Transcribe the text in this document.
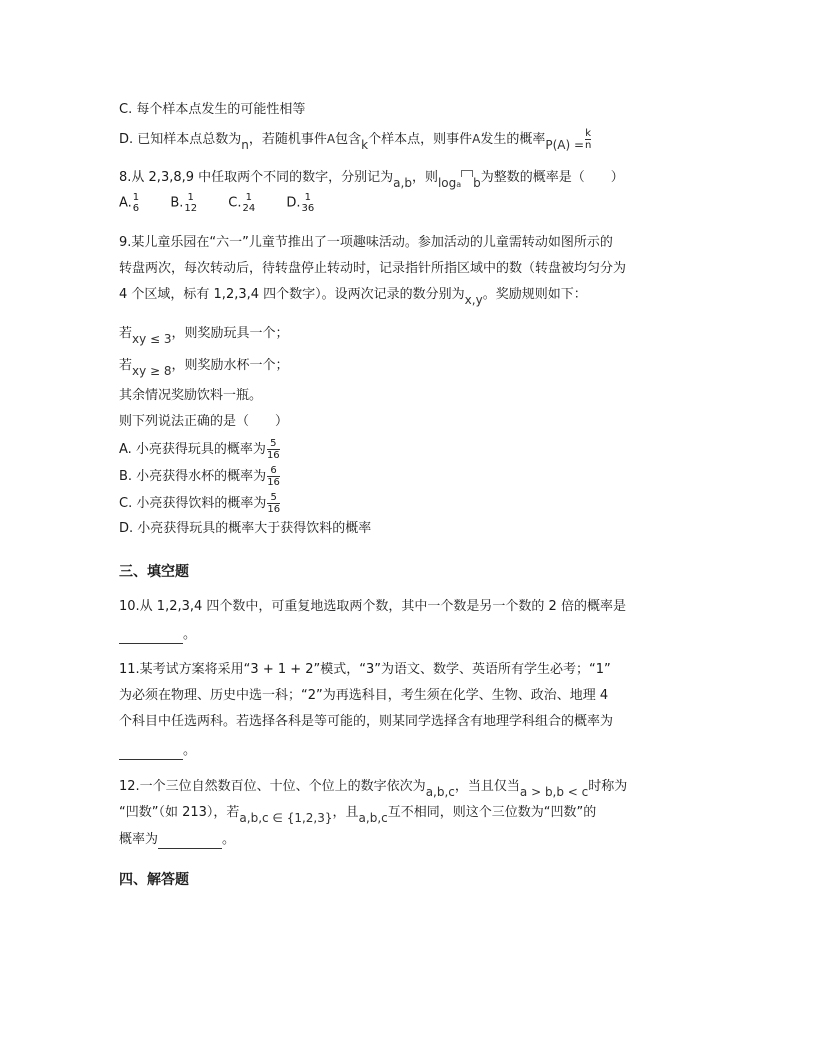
C. 每个样本点发生的可能性相等
D. 已知样本点总数为n，若随机事件A包含k个样本点，则事件A发生的概率$P(A) = \frac{k}{n}$
8.从 2,3,8,9 中任取两个不同的数字，分别记为a,b，则loga b为整数的概率是（　　）
A. 1
6 B. 1
12 C. 1
24 D. 1
36
9.某儿童乐园在“六一”儿童节推出了一项趣味活动。参加活动的儿童需转动如图所示的
转盘两次，每次转动后，待转盘停止转动时，记录指针所指区域中的数（转盘被均匀分为
4 个区域，标有 1,2,3,4 四个数字）。设两次记录的数分别为x,y。奖励规则如下：
若xy ≤ 3，则奖励玩具一个；
若xy ≥ 8，则奖励水杯一个；
其余情况奖励饮料一瓶。
则下列说法正确的是（　　）
A. 小亮获得玩具的概率为 $\frac{5}{16}$
B. 小亮获得水杯的概率为 $\frac{6}{16}$
C. 小亮获得饮料的概率为 $\frac{5}{16}$
D. 小亮获得玩具的概率大于获得饮料的概率
三、填空题
10.从 1,2,3,4 四个数中，可重复地选取两个数，其中一个数是另一个数的 2 倍的概率是
。
11.某考试方案将采用“3 + 1 + 2”模式，“3”为语文、数学、英语所有学生必考；“1”
为必须在物理、历史中选一科；“2”为再选科目，考生须在化学、生物、政治、地理 4
个科目中任选两科。若选择各科是等可能的，则某同学选择含有地理学科组合的概率为
。
12.一个三位自然数百位、十位、个位上的数字依次为a,b,c，当且仅当a > b,b < c时称为
“凹数”（如 213），若a,b,c ∈ {1,2,3}，且a,b,c互不相同，则这个三位数为“凹数”的
概率为	。
四、解答题
